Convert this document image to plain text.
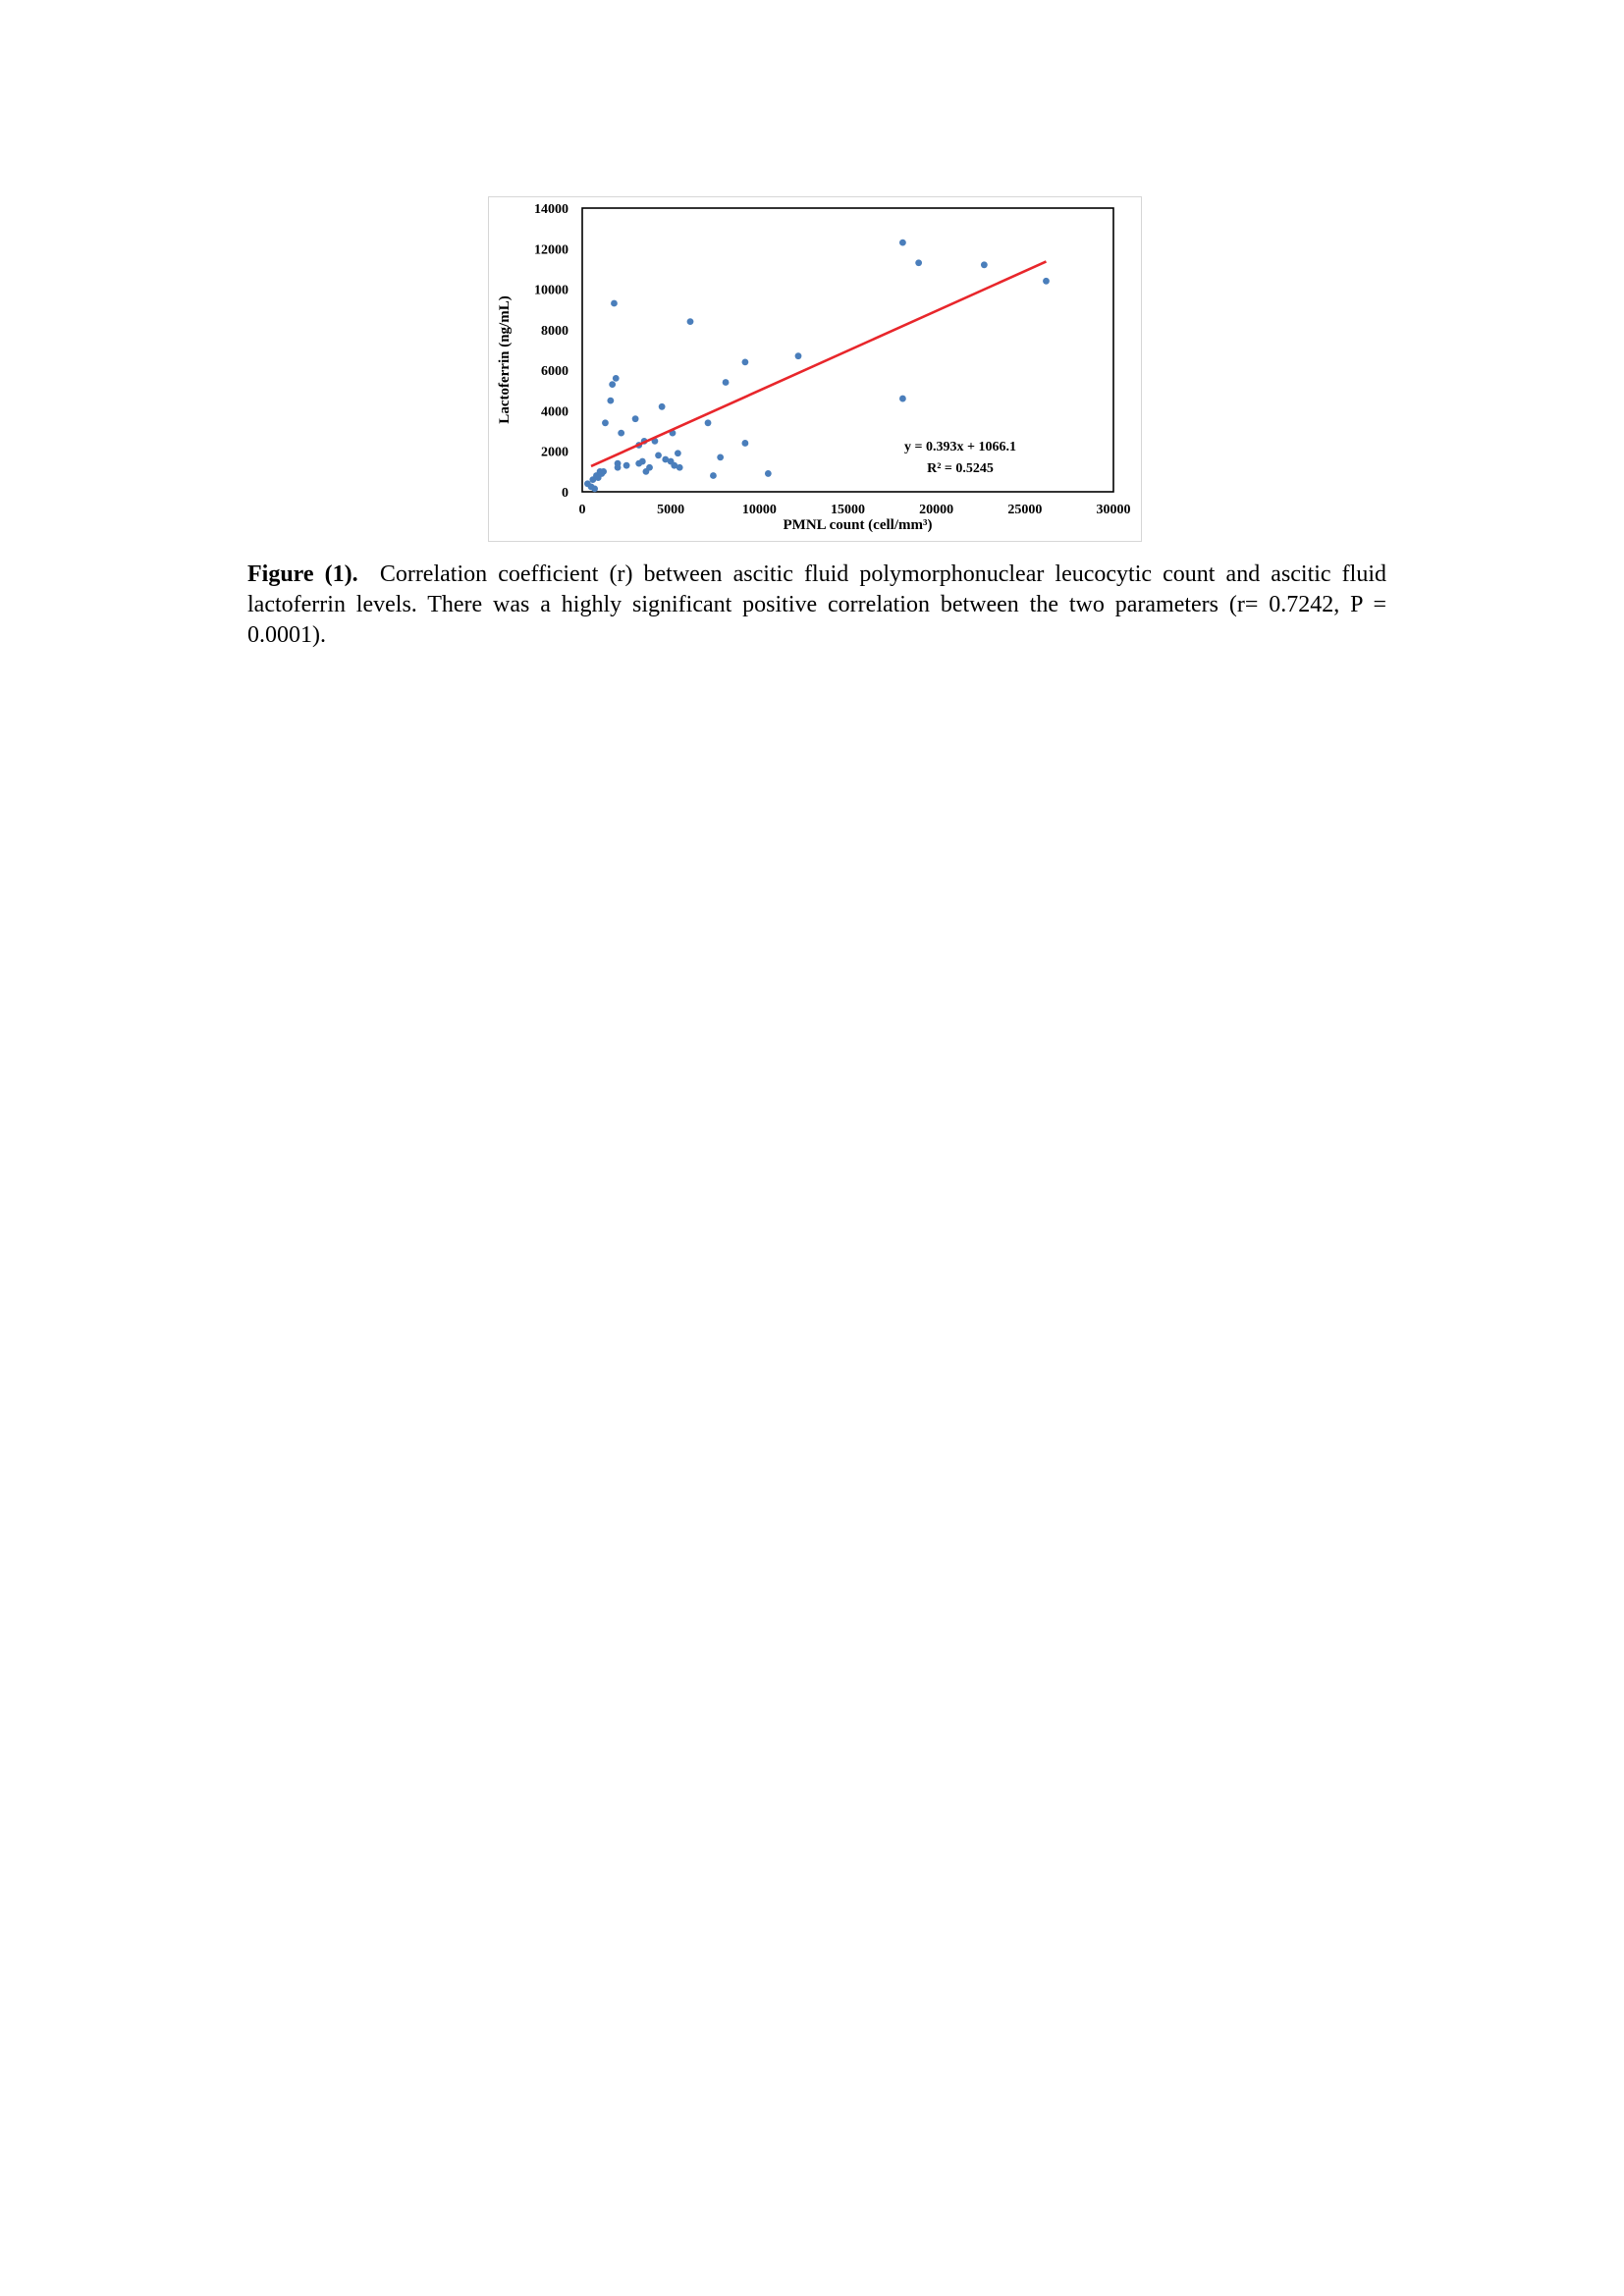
0
2000
4000
6000
8000
10000
12000
14000
0	5000	10000	15000	20000	25000	30000
y = 0.393x + 1066.1
R² = 0.5245
PMNL count (cell/mm³)
Lactoferrin (ng/mL)
Figure (1). Correlation coefficient (r) between ascitic fluid polymorphonuclear leucocytic count and ascitic fluid lactoferrin levels. There was a highly significant positive correlation between the two parameters (r= 0.7242, P = 0.0001).
